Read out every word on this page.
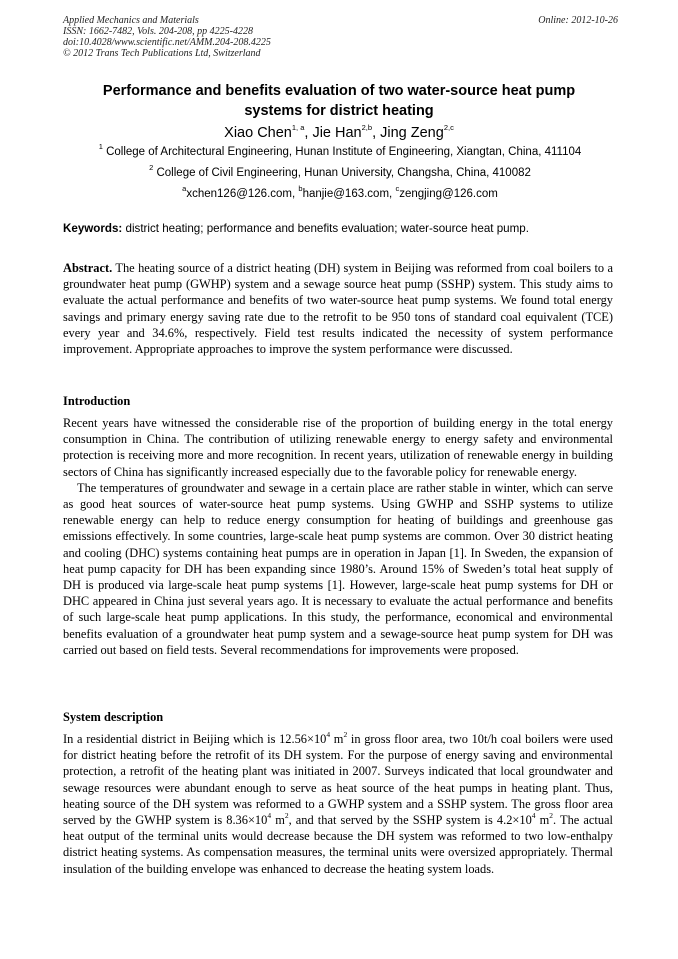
Applied Mechanics and Materials
ISSN: 1662-7482, Vols. 204-208, pp 4225-4228
doi:10.4028/www.scientific.net/AMM.204-208.4225
© 2012 Trans Tech Publications Ltd, Switzerland
Online: 2012-10-26
Performance and benefits evaluation of two water-source heat pump
systems for district heating
Xiao Chen$^{1, a}$, Jie Han$^{2,b}$, Jing Zeng$^{2,c}$
$^1$ College of Architectural Engineering, Hunan Institute of Engineering, Xiangtan, China, 411104
$^2$ College of Civil Engineering, Hunan University, Changsha, China, 410082
$^a$xchen126@126.com, $^b$hanjie@163.com, $^c$zengjing@126.com
Keywords: district heating; performance and benefits evaluation; water-source heat pump.

Abstract. The heating source of a district heating (DH) system in Beijing was reformed from coal boilers to a groundwater heat pump (GWHP) system and a sewage source heat pump (SSHP) system. This study aims to evaluate the actual performance and benefits of two water-source heat pump systems. We found total energy savings and primary energy saving rate due to the retrofit to be 950 tons of standard coal equivalent (TCE) every year and 34.6%, respectively. Field test results indicated the necessity of system performance improvement. Appropriate approaches to improve the system performance were discussed.

Introduction

Recent years have witnessed the considerable rise of the proportion of building energy in the total energy consumption in China. The contribution of utilizing renewable energy to energy safety and environmental protection is receiving more and more recognition. In recent years, utilization of renewable energy in building sectors of China has significantly increased especially due to the favorable policy for renewable energy.

The temperatures of groundwater and sewage in a certain place are rather stable in winter, which can serve as good heat sources of water-source heat pump systems. Using GWHP and SSHP systems to utilize renewable energy can help to reduce energy consumption for heating of buildings and greenhouse gas emissions effectively. In some countries, large-scale heat pump systems are common. Over 30 district heating and cooling (DHC) systems containing heat pumps are in operation in Japan [1]. In Sweden, the expansion of heat pump capacity for DH has been expanding since 1980’s. Around 15% of Sweden’s total heat supply of DH is produced via large-scale heat pump systems [1]. However, large-scale heat pump systems for DH or DHC appeared in China just several years ago. It is necessary to evaluate the actual performance and benefits of such large-scale heat pump applications. In this study, the performance, economical and environmental benefits evaluation of a groundwater heat pump system and a sewage-source heat pump system for DH was carried out based on field tests. Several recommendations for improvements were proposed.

System description

In a residential district in Beijing which is $12.56\times 10^4$ $m^2$ in gross floor area, two 10t/h coal boilers were used for district heating before the retrofit of its DH system. For the purpose of energy saving and environmental protection, a retrofit of the heating plant was initiated in 2007. Surveys indicated that local groundwater and sewage resources were abundant enough to serve as heat source of the heat pumps in heating plant. Thus, heating source of the DH system was reformed to a GWHP system and a SSHP system. The gross floor area served by the GWHP system is $8.36\times 10^4$ $m^2$, and that served by the SSHP system is $4.2\times 10^4$ $m^2$. The actual heat output of the terminal units would decrease because the DH system was reformed to two low-enthalpy district heating systems. As compensation measures, the terminal units were oversized appropriately. Thermal insulation of the building envelope was enhanced to decrease the heating system loads.
